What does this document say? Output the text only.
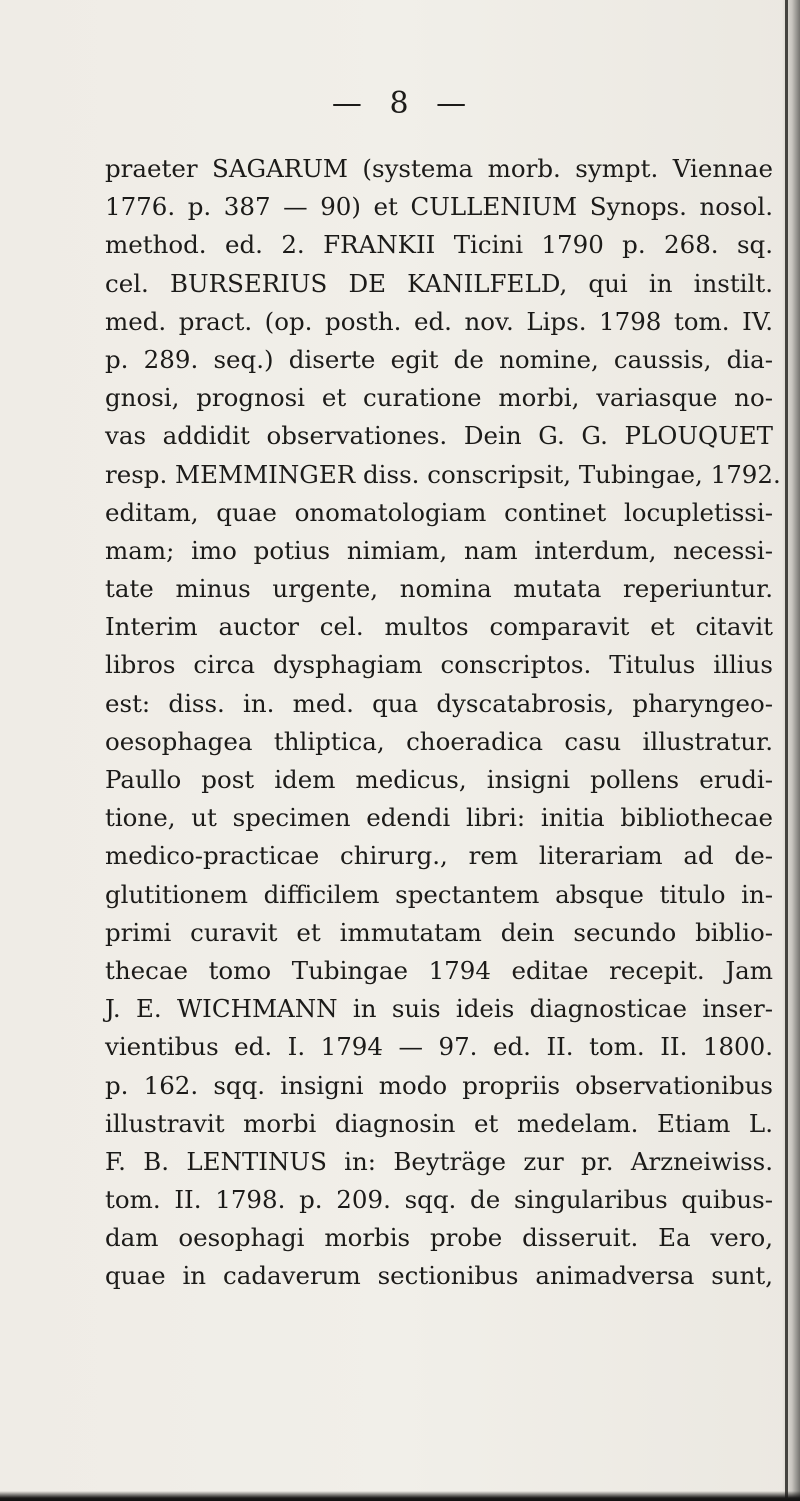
— 8 —
praeter SAGARUM (systema morb. sympt. Viennae
1776. p. 387 — 90) et CULLENIUM Synops. nosol.
method. ed. 2. FRANKII Ticini 1790 p. 268. sq.
cel. BURSERIUS DE KANILFELD, qui in instilt.
med. pract. (op. posth. ed. nov. Lips. 1798 tom. IV.
p. 289. seq.) diserte egit de nomine, caussis, dia-
gnosi, prognosi et curatione morbi, variasque no-
vas addidit observationes. Dein G. G. PLOUQUET
resp. MEMMINGER diss. conscripsit, Tubingae, 1792.
editam, quae onomatologiam continet locupletissi-
mam; imo potius nimiam, nam interdum, necessi-
tate minus urgente, nomina mutata reperiuntur.
Interim auctor cel. multos comparavit et citavit
libros circa dysphagiam conscriptos. Titulus illius
est: diss. in. med. qua dyscatabrosis, pharyngeo-
oesophagea thliptica, choeradica casu illustratur.
Paullo post idem medicus, insigni pollens erudi-
tione, ut specimen edendi libri: initia bibliothecae
medico-practicae chirurg., rem literariam ad de-
glutitionem difficilem spectantem absque titulo in-
primi curavit et immutatam dein secundo biblio-
thecae tomo Tubingae 1794 editae recepit. Jam
J. E. WICHMANN in suis ideis diagnosticae inser-
vientibus ed. I. 1794 — 97. ed. II. tom. II. 1800.
p. 162. sqq. insigni modo propriis observationibus
illustravit morbi diagnosin et medelam. Etiam L.
F. B. LENTINUS in: Beyträge zur pr. Arzneiwiss.
tom. II. 1798. p. 209. sqq. de singularibus quibus-
dam oesophagi morbis probe disseruit. Ea vero,
quae in cadaverum sectionibus animadversa sunt,
